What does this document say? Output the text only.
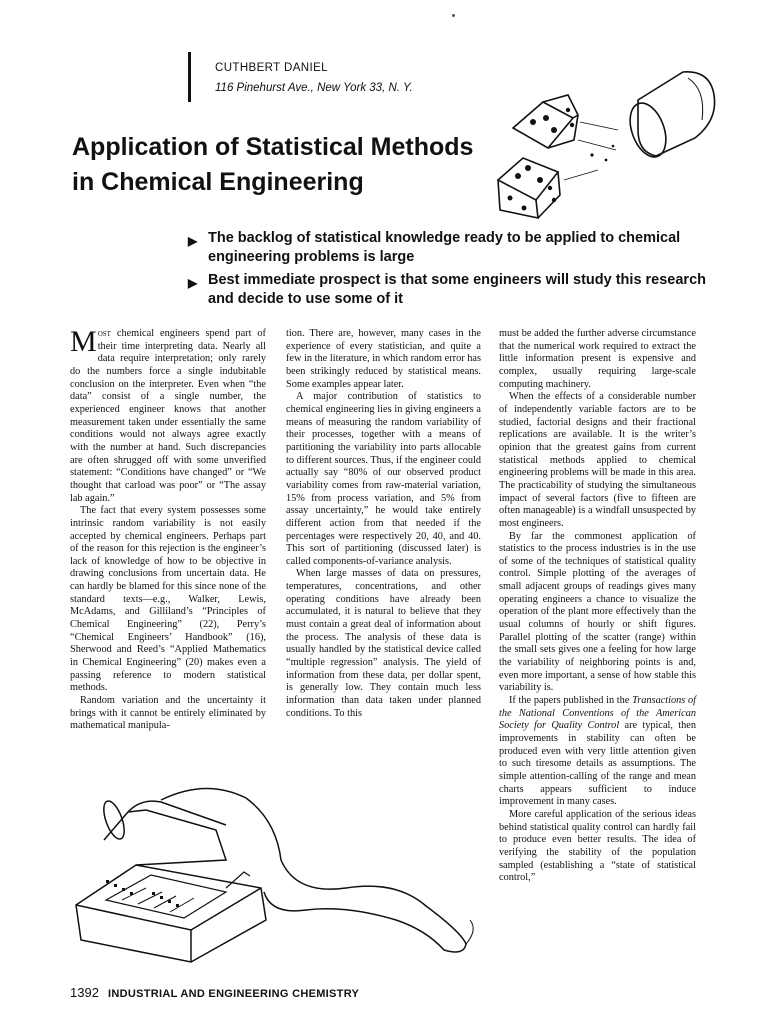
CUTHBERT DANIEL
116 Pinehurst Ave., New York 33, N. Y.
Application of Statistical Methods
in Chemical Engineering
▶ The backlog of statistical knowledge ready to be applied to chemical engineering problems is large
▶ Best immediate prospect is that some engineers will study this research and decide to use some of it

Most chemical engineers spend part of their time interpreting data. Nearly all data require interpretation; only rarely do the numbers force a single indubitable conclusion on the interpreter. Even when “the data” consist of a single number, the experienced engineer knows that another measurement taken under essentially the same conditions would not always agree exactly with the number at hand. Such discrepancies are often shrugged off with some unverified statement: “Conditions have changed” or “We thought that carload was poor” or “The assay lab again.”

The fact that every system possesses some intrinsic random variability is not easily accepted by chemical engineers. Perhaps part of the reason for this rejection is the engineer’s lack of knowledge of how to be objective in drawing conclusions from uncertain data. He can hardly be blamed for this since none of the standard texts—e.g., Walker, Lewis, McAdams, and Gilliland’s “Principles of Chemical Engineering” (22), Perry’s “Chemical Engineers’ Handbook” (16), Sherwood and Reed’s “Applied Mathematics in Chemical Engineering” (20) makes even a passing reference to modern statistical methods.

Random variation and the uncertainty it brings with it cannot be entirely eliminated by mathematical manipula-

tion. There are, however, many cases in the experience of every statistician, and quite a few in the literature, in which random error has been strikingly reduced by statistical means. Some examples appear later.

A major contribution of statistics to chemical engineering lies in giving engineers a means of measuring the random variability of their processes, together with a means of partitioning the variability into parts allocable to different sources. Thus, if the engineer could actually say “80% of our observed product variability comes from raw-material variation, 15% from process variation, and 5% from assay uncertainty,” he would take entirely different action from that needed if the percentages were respectively 20, 40, and 40. This sort of partitioning (discussed later) is called components-of-variance analysis.

When large masses of data on pressures, temperatures, concentrations, and other operating conditions have already been accumulated, it is natural to believe that they must contain a great deal of information about the process. The analysis of these data is usually handled by the statistical device called “multiple regression” analysis. The yield of information from these data, per dollar spent, is generally low. They contain much less information than data taken under planned conditions. To this

must be added the further adverse circumstance that the numerical work required to extract the little information present is expensive and complex, usually requiring large-scale computing machinery.

When the effects of a considerable number of independently variable factors are to be studied, factorial designs and their fractional replications are available. It is the writer’s opinion that the greatest gains from current statistical methods applied to chemical engineering problems will be made in this area. The practicability of studying the simultaneous impact of several factors (five to fifteen are often manageable) is a windfall unsuspected by most engineers.

By far the commonest application of statistics to the process industries is in the use of some of the techniques of statistical quality control. Simple plotting of the averages of small adjacent groups of readings gives many operating engineers a chance to visualize the operation of the plant more effectively than the usual columns of hourly or shift figures. Parallel plotting of the scatter (range) within the small sets gives one a feeling for how large the variability of neighboring points is and, even more important, a sense of how stable this variability is.

If the papers published in the Transactions of the National Conventions of the American Society for Quality Control are typical, then improvements in stability can often be produced even with very little attention given to such tiresome details as assumptions. The simple attention-calling of the range and mean charts appears sufficient to induce improvement in many cases.

More careful application of the serious ideas behind statistical quality control can hardly fail to produce even better results. The idea of verifying the stability of the population sampled (establishing a “state of statistical control,”

1392 INDUSTRIAL AND ENGINEERING CHEMISTRY
